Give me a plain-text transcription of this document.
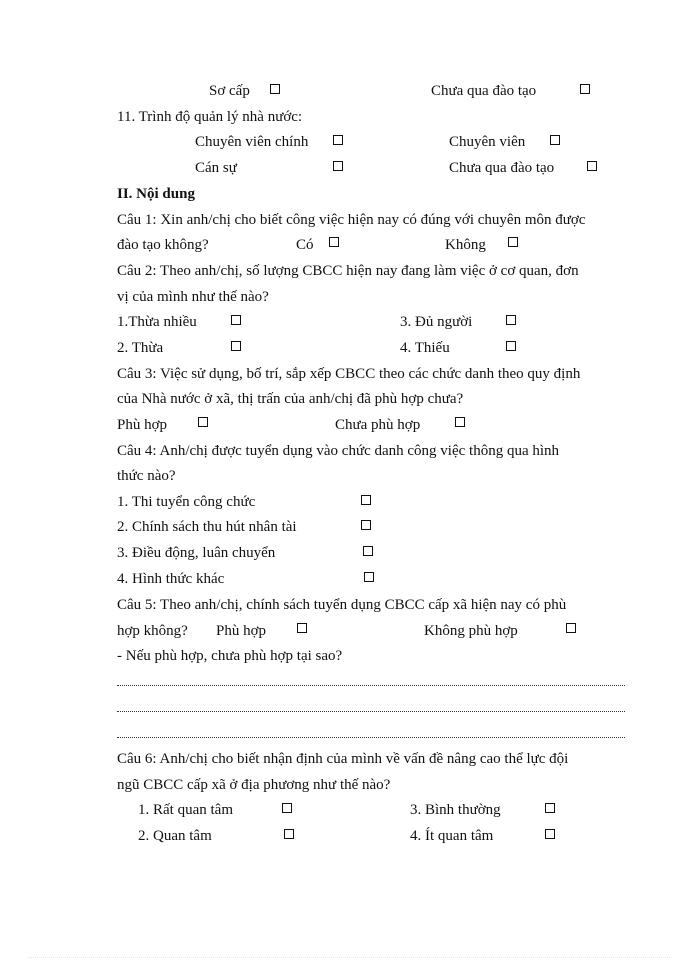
Sơ cấp	Chưa qua đào tạo
11. Trình độ quản lý nhà nước:
Chuyên viên chính	Chuyên viên
Cán sự	Chưa qua đào tạo
II. Nội dung
Câu 1: Xin anh/chị cho biết công việc hiện nay có đúng với chuyên môn được
đào tạo không?	Có	Không
Câu 2: Theo anh/chị, số lượng CBCC hiện nay đang làm việc ở cơ quan, đơn
vị của mình như thế nào?
1.Thừa nhiều	3. Đủ người
2. Thừa	4. Thiếu
Câu 3: Việc sử dụng, bố trí, sắp xếp CBCC theo các chức danh theo quy định
của Nhà nước ở xã, thị trấn của anh/chị đã phù hợp chưa?
Phù hợp	Chưa phù hợp
Câu 4: Anh/chị được tuyển dụng vào chức danh công việc thông qua hình
thức nào?
1. Thi tuyển công chức
2. Chính sách thu hút nhân tài
3. Điều động, luân chuyển
4. Hình thức khác
Câu 5: Theo anh/chị, chính sách tuyển dụng CBCC cấp xã hiện nay có phù
hợp không? Phù hợp	Không phù hợp
- Nếu phù hợp, chưa phù hợp tại sao?
Câu 6: Anh/chị cho biết nhận định của mình về vấn đề nâng cao thể lực đội
ngũ CBCC cấp xã ở địa phương như thế nào?
1. Rất quan tâm	3. Bình thường
2. Quan tâm	4. Ít quan tâm
